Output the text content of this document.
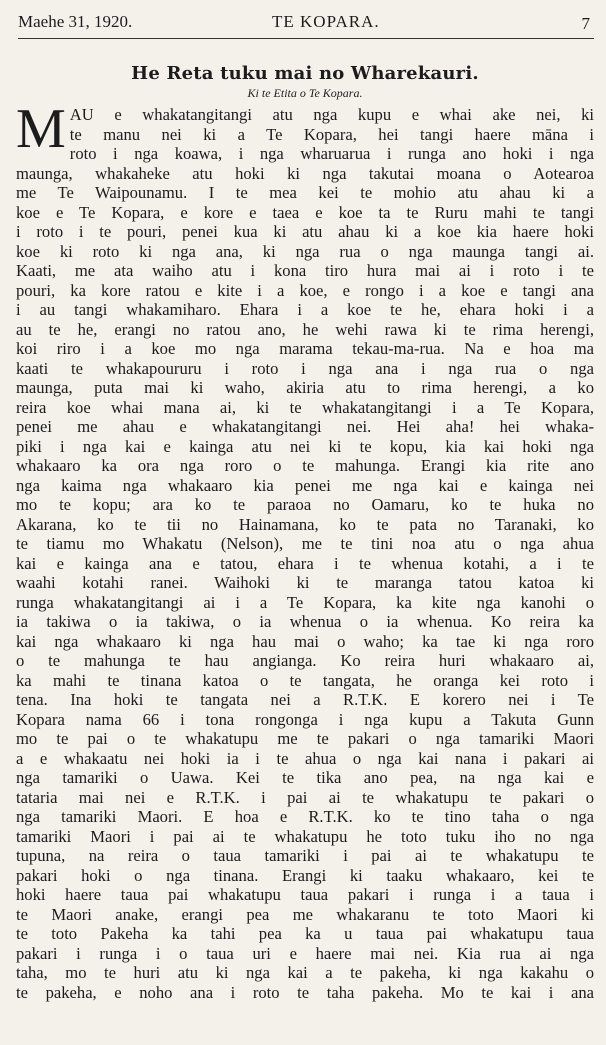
Maehe 31, 1920.	TE KOPARA.	7
He Reta tuku mai no Wharekauri.
Ki te Etita o Te Kopara.
M AU e whakatangitangi atu nga kupu e whai ake nei, ki
te manu nei ki a Te Kopara, hei tangi haere māna i
roto i nga koawa, i nga wharuarua i runga ano hoki i nga
maunga, whakaheke atu hoki ki nga takutai moana o Aotearoa
me Te Waipounamu. I te mea kei te mohio atu ahau ki a
koe e Te Kopara, e kore e taea e koe ta te Ruru mahi te tangi
i roto i te pouri, penei kua ki atu ahau ki a koe kia haere hoki
koe ki roto ki nga ana, ki nga rua o nga maunga tangi ai.
Kaati, me ata waiho atu i kona tiro hura mai ai i roto i te
pouri, ka kore ratou e kite i a koe, e rongo i a koe e tangi ana
i au tangi whakamiharo. Ehara i a koe te he, ehara hoki i a
au te he, erangi no ratou ano, he wehi rawa ki te rima herengi,
koi riro i a koe mo nga marama tekau-ma-rua. Na e hoa ma
kaati te whakapoururu i roto i nga ana i nga rua o nga
maunga, puta mai ki waho, akiria atu to rima herengi, a ko
reira koe whai mana ai, ki te whakatangitangi i a Te Kopara,
penei me ahau e whakatangitangi nei. Hei aha! hei whaka-
piki i nga kai e kainga atu nei ki te kopu, kia kai hoki nga
whakaaro ka ora nga roro o te mahunga. Erangi kia rite ano
nga kaima nga whakaaro kia penei me nga kai e kainga nei
mo te kopu; ara ko te paraoa no Oamaru, ko te huka no
Akarana, ko te tii no Hainamana, ko te pata no Taranaki, ko
te tiamu mo Whakatu (Nelson), me te tini noa atu o nga ahua
kai e kainga ana e tatou, ehara i te whenua kotahi, a i te
waahi kotahi ranei. Waihoki ki te maranga tatou katoa ki
runga whakatangitangi ai i a Te Kopara, ka kite nga kanohi o
ia takiwa o ia takiwa, o ia whenua o ia whenua. Ko reira ka
kai nga whakaaro ki nga hau mai o waho; ka tae ki nga roro
o te mahunga te hau angianga. Ko reira huri whakaaro ai,
ka mahi te tinana katoa o te tangata, he oranga kei roto i
tena. Ina hoki te tangata nei a R.T.K. E korero nei i Te
Kopara nama 66 i tona rongonga i nga kupu a Takuta Gunn
mo te pai o te whakatupu me te pakari o nga tamariki Maori
a e whakaatu nei hoki ia i te ahua o nga kai nana i pakari ai
nga tamariki o Uawa. Kei te tika ano pea, na nga kai e
tataria mai nei e R.T.K. i pai ai te whakatupu te pakari o
nga tamariki Maori. E hoa e R.T.K. ko te tino taha o nga
tamariki Maori i pai ai te whakatupu he toto tuku iho no nga
tupuna, na reira o taua tamariki i pai ai te whakatupu te
pakari hoki o nga tinana. Erangi ki taaku whakaaro, kei te
hoki haere taua pai whakatupu taua pakari i runga i a taua i
te Maori anake, erangi pea me whakaranu te toto Maori ki
te toto Pakeha ka tahi pea ka u taua pai whakatupu taua
pakari i runga i o taua uri e haere mai nei. Kia rua ai nga
taha, mo te huri atu ki nga kai a te pakeha, ki nga kakahu o
te pakeha, e noho ana i roto te taha pakeha. Mo te kai i ana
